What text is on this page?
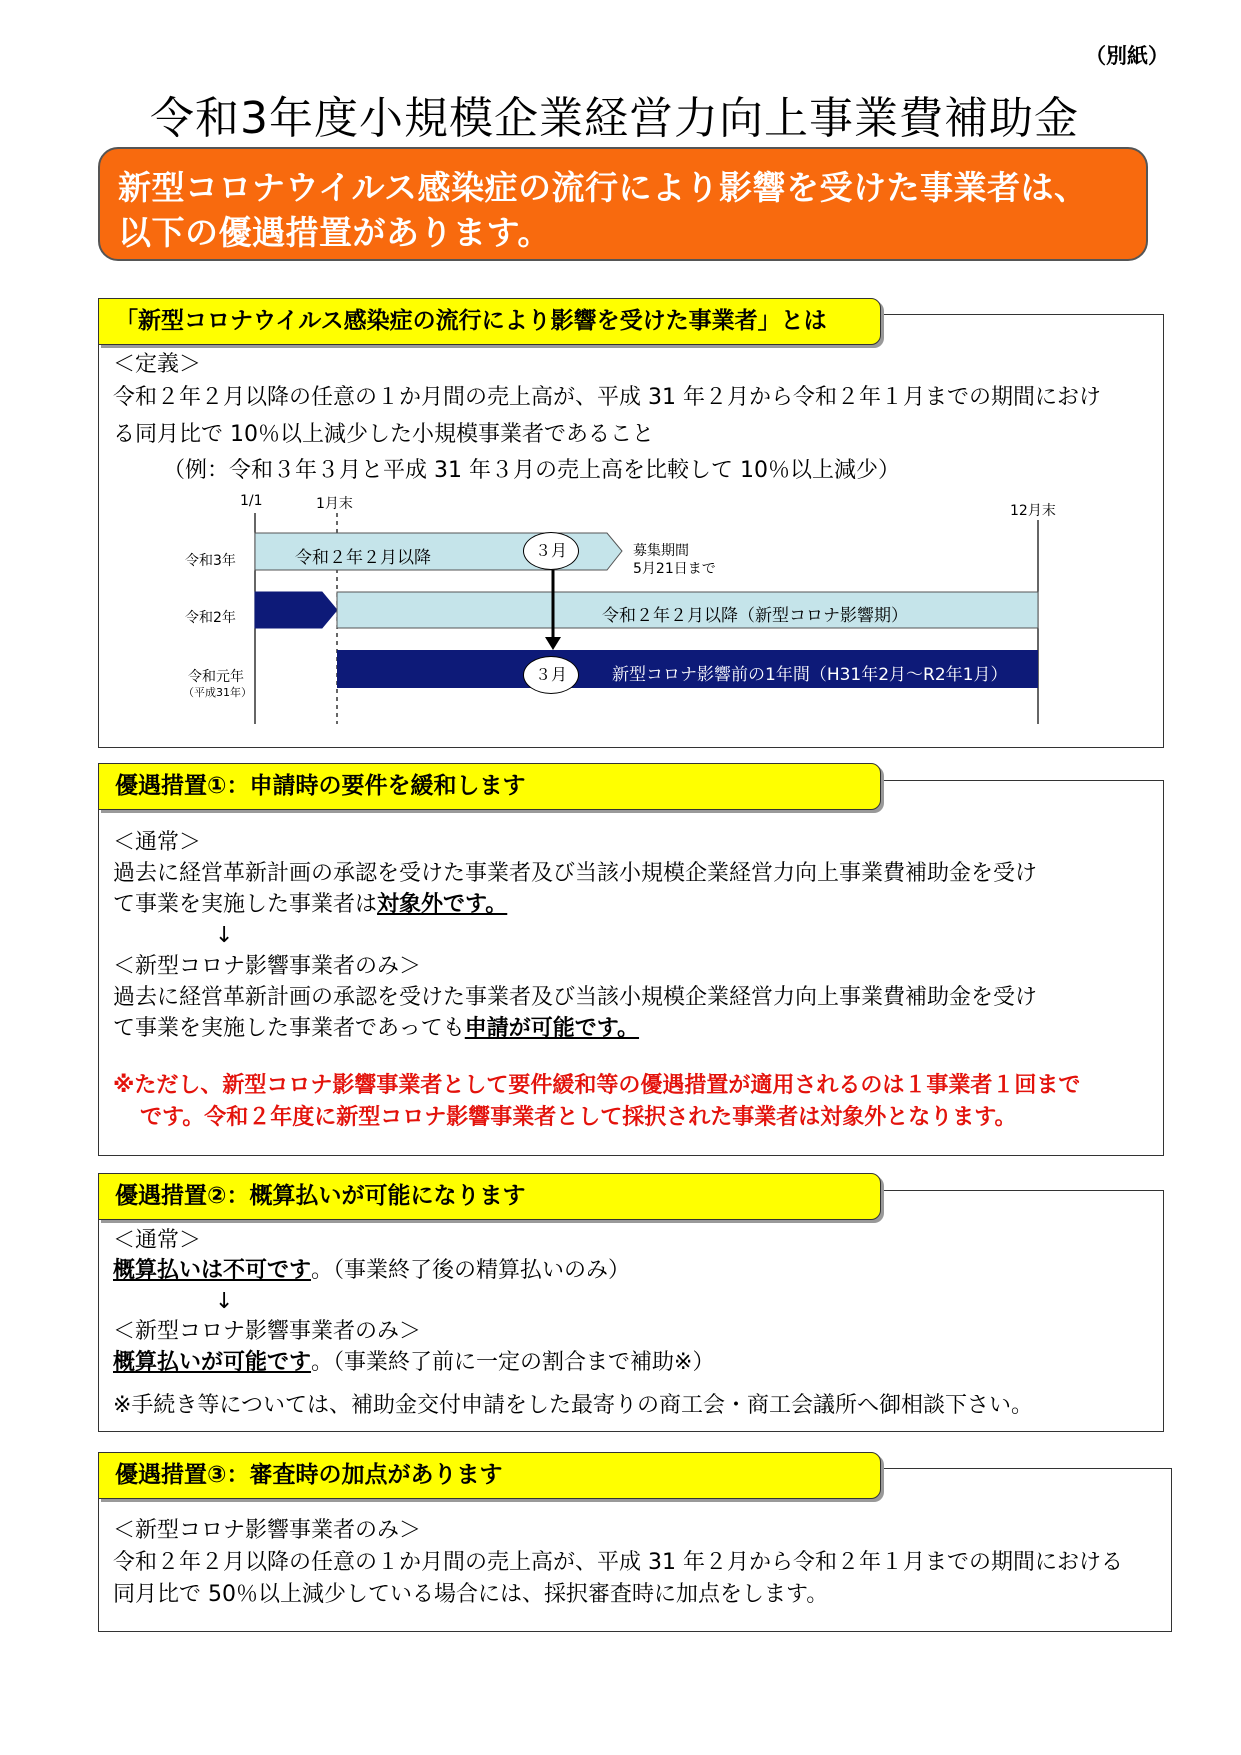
（別紙）
令和3年度小規模企業経営力向上事業費補助金
新型コロナウイルス感染症の流行により影響を受けた事業者は、
以下の優遇措置があります。
「新型コロナウイルス感染症の流行により影響を受けた事業者」とは
＜定義＞
令和２年２月以降の任意の１か月間の売上高が、平成 31 年２月から令和２年１月までの期間におけ
る同月比で 10％以上減少した小規模事業者であること
（例：令和３年３月と平成 31 年３月の売上高を比較して 10％以上減少）
1/1	1月末	12月末
令和3年
令和2年
令和元年
（平成31年）
令和２年２月以降	３月	募集期間
5月21日まで
令和２年２月以降（新型コロナ影響期）
３月	新型コロナ影響前の1年間（H31年2月～R2年1月）
優遇措置①：申請時の要件を緩和します
＜通常＞
過去に経営革新計画の承認を受けた事業者及び当該小規模企業経営力向上事業費補助金を受け
て事業を実施した事業者は対象外です。
↓
＜新型コロナ影響事業者のみ＞
過去に経営革新計画の承認を受けた事業者及び当該小規模企業経営力向上事業費補助金を受け
て事業を実施した事業者であっても申請が可能です。
※ただし、新型コロナ影響事業者として要件緩和等の優遇措置が適用されるのは１事業者１回まで
です。令和２年度に新型コロナ影響事業者として採択された事業者は対象外となります。
優遇措置②：概算払いが可能になります
＜通常＞
概算払いは不可です。（事業終了後の精算払いのみ）
↓
＜新型コロナ影響事業者のみ＞
概算払いが可能です。（事業終了前に一定の割合まで補助※）
※手続き等については、補助金交付申請をした最寄りの商工会・商工会議所へ御相談下さい。
優遇措置③：審査時の加点があります
＜新型コロナ影響事業者のみ＞
令和２年２月以降の任意の１か月間の売上高が、平成 31 年２月から令和２年１月までの期間における
同月比で 50％以上減少している場合には、採択審査時に加点をします。
